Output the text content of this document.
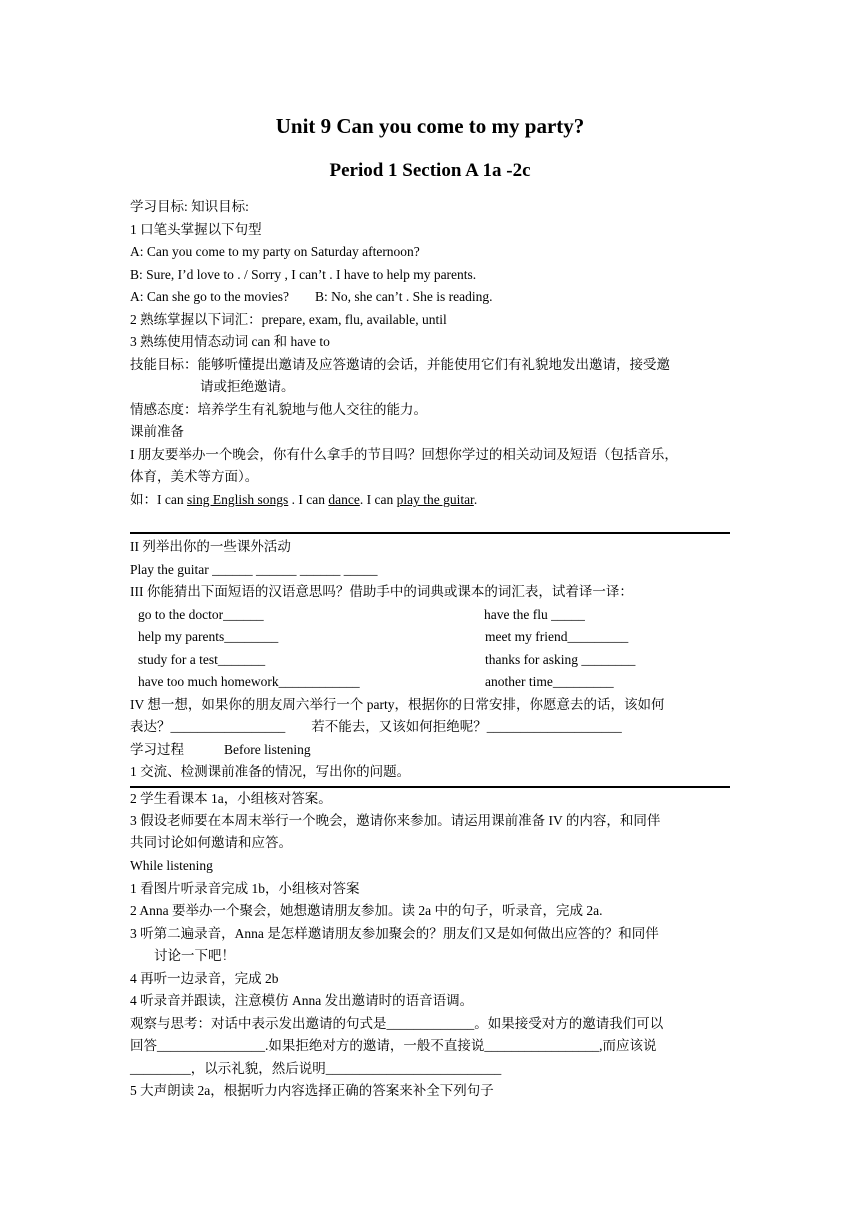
Unit 9 Can you come to my party?
Period 1 Section A 1a -2c
学习目标: 知识目标:
1 口笔头掌握以下句型
A: Can you come to my party on Saturday afternoon?
B: Sure, I’d love to . / Sorry , I can’t . I have to help my parents.
A: Can she go to the movies? B: No, she can’t . She is reading.
2 熟练掌握以下词汇：prepare, exam, flu, available, until
3 熟练使用情态动词 can 和 have to
技能目标：能够听懂提出邀请及应答邀请的会话，并能使用它们有礼貌地发出邀请，接受邀
请或拒绝邀请。
情感态度：培养学生有礼貌地与他人交往的能力。
课前准备
I 朋友要举办一个晚会，你有什么拿手的节目吗？回想你学过的相关动词及短语（包括音乐，
体育，美术等方面）。
如：I can sing English songs . I can dance. I can play the guitar.
II 列举出你的一些课外活动
Play the guitar ______ ______ ______ _____
III 你能猜出下面短语的汉语意思吗？借助手中的词典或课本的词汇表，试着译一译：
go to the doctor______	have the flu _____
help my parents________	meet my friend_________
study for a test_______	thanks for asking ________
have too much homework____________	another time_________
IV 想一想，如果你的朋友周六举行一个 party，根据你的日常安排，你愿意去的话，该如何
表达？_________________ 若不能去，又该如何拒绝呢？____________________
学习过程	Before listening
1 交流、检测课前准备的情况，写出你的问题。
2 学生看课本 1a，小组核对答案。
3 假设老师要在本周末举行一个晚会，邀请你来参加。请运用课前准备 IV 的内容，和同伴
共同讨论如何邀请和应答。
While listening
1 看图片听录音完成 1b，小组核对答案
2 Anna 要举办一个聚会，她想邀请朋友参加。读 2a 中的句子，听录音，完成 2a.
3 听第二遍录音，Anna 是怎样邀请朋友参加聚会的？朋友们又是如何做出应答的？和同伴
讨论一下吧！
4 再听一边录音，完成 2b
4 听录音并跟读，注意模仿 Anna 发出邀请时的语音语调。
观察与思考：对话中表示发出邀请的句式是_____________。如果接受对方的邀请我们可以
回答________________.如果拒绝对方的邀请，一般不直接说_________________,而应该说
_________，以示礼貌，然后说明__________________________
5 大声朗读 2a，根据听力内容选择正确的答案来补全下列句子
